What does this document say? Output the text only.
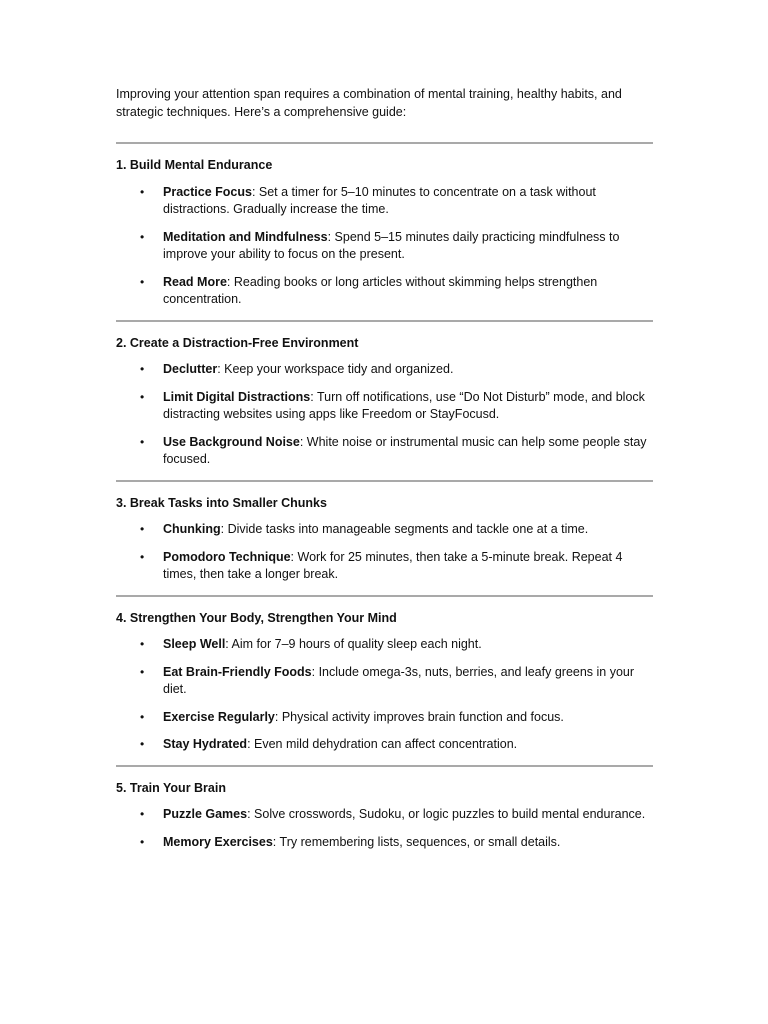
Improving your attention span requires a combination of mental training, healthy habits, and strategic techniques. Here’s a comprehensive guide:

1. Build Mental Endurance
• Practice Focus: Set a timer for 5–10 minutes to concentrate on a task without distractions. Gradually increase the time.
• Meditation and Mindfulness: Spend 5–15 minutes daily practicing mindfulness to improve your ability to focus on the present.
• Read More: Reading books or long articles without skimming helps strengthen concentration.
2. Create a Distraction-Free Environment
• Declutter: Keep your workspace tidy and organized.
• Limit Digital Distractions: Turn off notifications, use “Do Not Disturb” mode, and block distracting websites using apps like Freedom or StayFocusd.
• Use Background Noise: White noise or instrumental music can help some people stay focused.
3. Break Tasks into Smaller Chunks
• Chunking: Divide tasks into manageable segments and tackle one at a time.
• Pomodoro Technique: Work for 25 minutes, then take a 5-minute break. Repeat 4 times, then take a longer break.
4. Strengthen Your Body, Strengthen Your Mind
• Sleep Well: Aim for 7–9 hours of quality sleep each night.
• Eat Brain-Friendly Foods: Include omega-3s, nuts, berries, and leafy greens in your diet.
• Exercise Regularly: Physical activity improves brain function and focus.
• Stay Hydrated: Even mild dehydration can affect concentration.
5. Train Your Brain
• Puzzle Games: Solve crosswords, Sudoku, or logic puzzles to build mental endurance.
• Memory Exercises: Try remembering lists, sequences, or small details.
